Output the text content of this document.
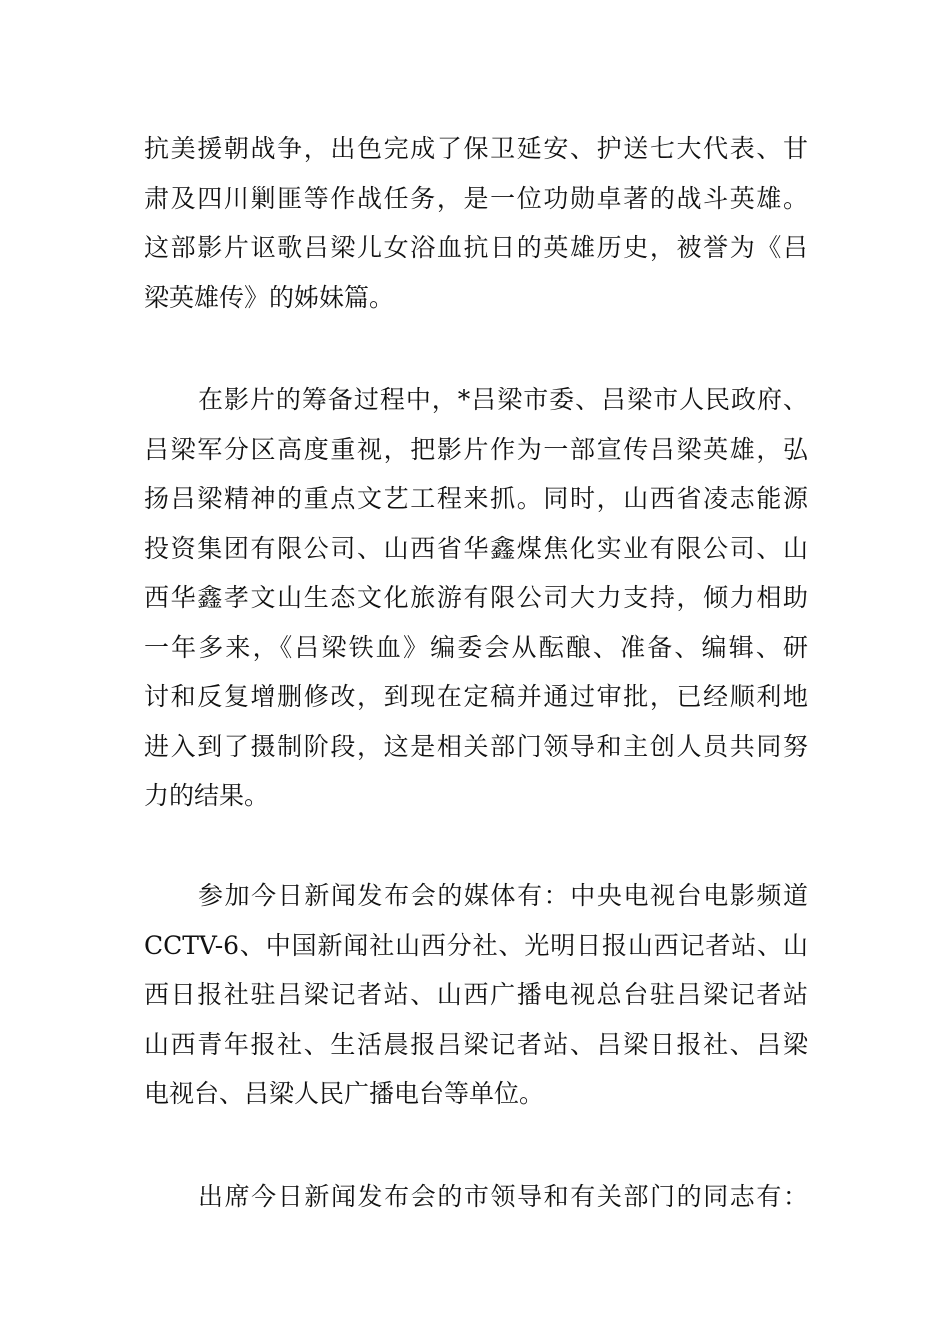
抗美援朝战争，出色完成了保卫延安、护送七大代表、甘
肃及四川剿匪等作战任务，是一位功勋卓著的战斗英雄。
这部影片讴歌吕梁儿女浴血抗日的英雄历史，被誉为《吕
梁英雄传》的姊妹篇。
在影片的筹备过程中，*吕梁市委、吕梁市人民政府、
吕梁军分区高度重视，把影片作为一部宣传吕梁英雄，弘
扬吕梁精神的重点文艺工程来抓。同时，山西省凌志能源
投资集团有限公司、山西省华鑫煤焦化实业有限公司、山
西华鑫孝文山生态文化旅游有限公司大力支持，倾力相助
一年多来，《吕梁铁血》编委会从酝酿、准备、编辑、研
讨和反复增删修改，到现在定稿并通过审批，已经顺利地
进入到了摄制阶段，这是相关部门领导和主创人员共同努
力的结果。
参加今日新闻发布会的媒体有：中央电视台电影频道
CCTV-6、中国新闻社山西分社、光明日报山西记者站、山
西日报社驻吕梁记者站、山西广播电视总台驻吕梁记者站
山西青年报社、生活晨报吕梁记者站、吕梁日报社、吕梁
电视台、吕梁人民广播电台等单位。
出席今日新闻发布会的市领导和有关部门的同志有：
